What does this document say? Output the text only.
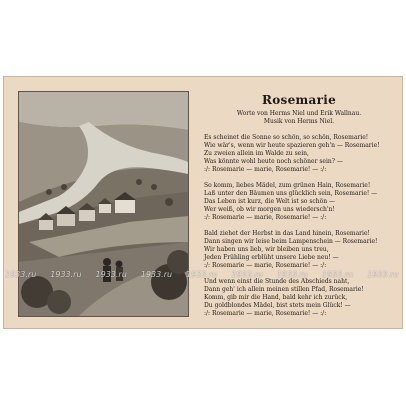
Rosemarie
Worte von Herms Niel und Erik Wallnau.
Musik von Herms Niel.
Es scheinet die Sonne so schön, so schön, Rosemarie!
Wie wär's, wenn wir heute spazieren geh'n — Rosemarie!
Zu zweien allein im Walde zu sein,
Was könnte wohl heute noch schöner sein? —
:/: Rosemarie — marie, Rosemarie! — :/:
So komm, liebes Mädel, zum grünen Hain, Rosemarie!
Laß unter den Bäumen uns glücklich sein, Rosemarie! —
Das Leben ist kurz, die Welt ist so schön —
Wer weiß, ob wir morgen uns wiedersch'n!
:/: Rosemarie — marie, Rosemarie! — :/:
Bald ziehet der Herbst in das Land hinein, Rosemarie!
Dann singen wir leise beim Lampenschein — Rosemarie!
Wir haben uns lieb, wir bleiben uns treu,
Jeden Frühling erblüht unsere Liebe neu! —
:/: Rosemarie — marie, Rosemarie! — :/:
Und wenn einst die Stunde des Abschieds naht,
Dann geh' ich allein meinen stillen Pfad, Rosemarie!
Komm, gib mir die Hand, bald kehr ich zurück,
Du goldblondes Mädel, bist stets mein Glück! —
:/: Rosemarie — marie, Rosemarie! — :/:
1933.ru 1933.ru 1933.ru 1933.ru 1933.ru 1933.ru 1933.ru 1933.ru 1933.ru
